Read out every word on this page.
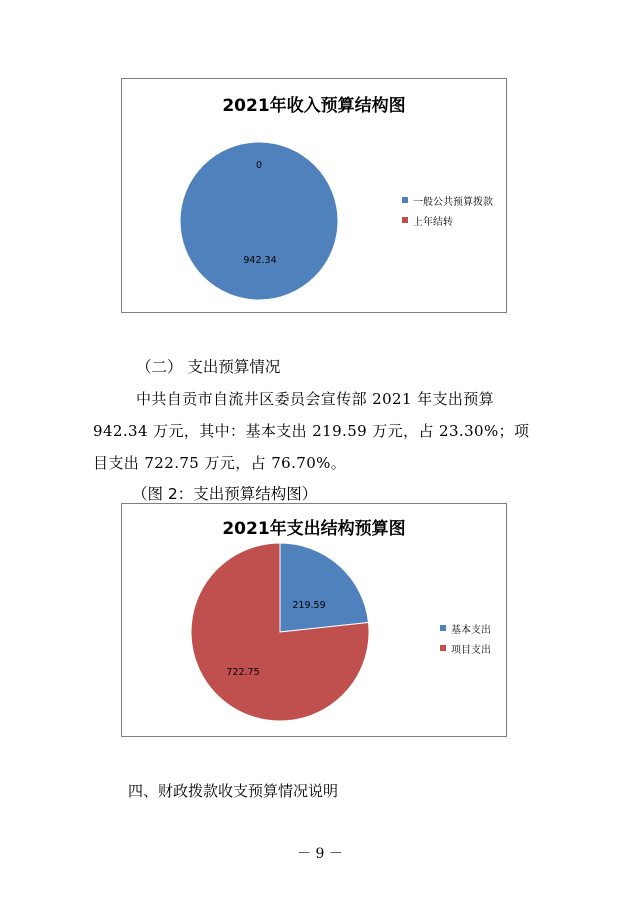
2021年收入预算结构图
942.34
0
一般公共预算拨款
上年结转
（二） 支出预算情况
中共自贡市自流井区委员会宣传部 2021 年支出预算
942.34 万元，其中：基本支出 219.59 万元，占 23.30%；项
目支出 722.75 万元，占 76.70%。
（图 2：支出预算结构图）
2021年支出结构预算图
219.59
722.75
基本支出
项目支出
四、财政拨款收支预算情况说明
－ 9 －
